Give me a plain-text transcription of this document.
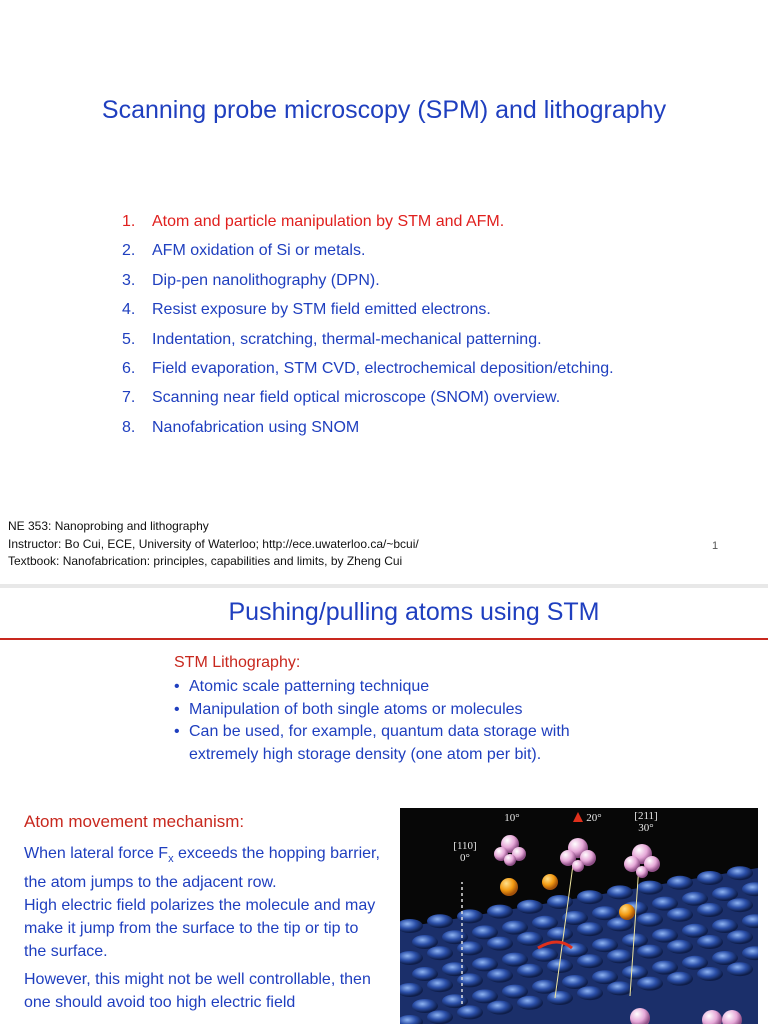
Scanning probe microscopy (SPM) and lithography
1. Atom and particle manipulation by STM and AFM.
2. AFM oxidation of Si or metals.
3. Dip-pen nanolithography (DPN).
4. Resist exposure by STM field emitted electrons.
5. Indentation, scratching, thermal-mechanical patterning.
6. Field evaporation, STM CVD, electrochemical deposition/etching.
7. Scanning near field optical microscope (SNOM) overview.
8. Nanofabrication using SNOM
NE 353: Nanoprobing and lithography
Instructor: Bo Cui, ECE, University of Waterloo; http://ece.uwaterloo.ca/~bcui/
Textbook: Nanofabrication: principles, capabilities and limits, by Zheng Cui
1
Pushing/pulling atoms using STM
STM Lithography:
• Atomic scale patterning technique
• Manipulation of both single atoms or molecules
• Can be used, for example, quantum data storage with extremely high storage density (one atom per bit).
Atom movement mechanism:

When lateral force $F_x$ exceeds the hopping barrier, the atom jumps to the adjacent row.

High electric field polarizes the molecule and may make it jump from the surface to the tip or tip to the surface.

However, this might not be well controllable, then one should avoid too high electric field

10°	20°	[211]
30°
[110]
0°
